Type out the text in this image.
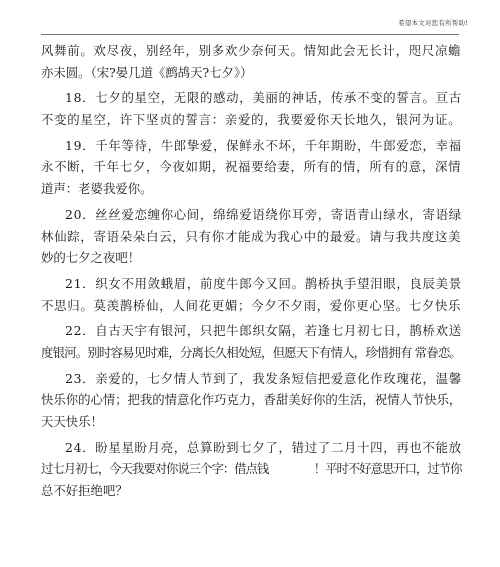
希望本文对您有所帮助!
风舞前。欢尽夜，别经年，别多欢少奈何天。情知此会无长计，咫尺凉蟾
亦未圆。（宋?晏几道《鹧鸪天?七夕》）
18．七夕的星空，无限的感动，美丽的神话，传承不变的誓言。亘古
不变的星空，许下坚贞的誓言：亲爱的，我要爱你天长地久，银河为证。
19．千年等待，牛郎挚爱，保鲜永不坏，千年期盼，牛郎爱恋，幸福
永不断，千年七夕，今夜如期，祝福要给妻，所有的情，所有的意，深情
道声：老婆我爱你。
20．丝丝爱恋缠你心间，绵绵爱语绕你耳旁，寄语青山绿水，寄语绿
林仙踪，寄语朵朵白云，只有你才能成为我心中的最爱。请与我共度这美
妙的七夕之夜吧！
21．织女不用敛蛾眉，前度牛郎今又回。鹊桥执手望泪眼，良辰美景
不思归。莫羡鹊桥仙，人间花更媚；今夕不夕雨，爱你更心坚。七夕快乐
22．自古天宇有银河，只把牛郎织女隔，若逢七月初七日，鹊桥欢送
度银河。别时容易见时难，分离长久相处短，但愿天下有情人，珍惜拥有 常眷恋。
23．亲爱的，七夕情人节到了，我发条短信把爱意化作玫瑰花，温馨
快乐你的心情；把我的情意化作巧克力，香甜美好你的生活，祝情人节快乐，
天天快乐！
24．盼星星盼月亮，总算盼到七夕了，错过了二月十四，再也不能放
过七月初七，今天我要对你说三个字：借点钱　　　　！平时不好意思开口，过节你
总不好拒绝吧？
